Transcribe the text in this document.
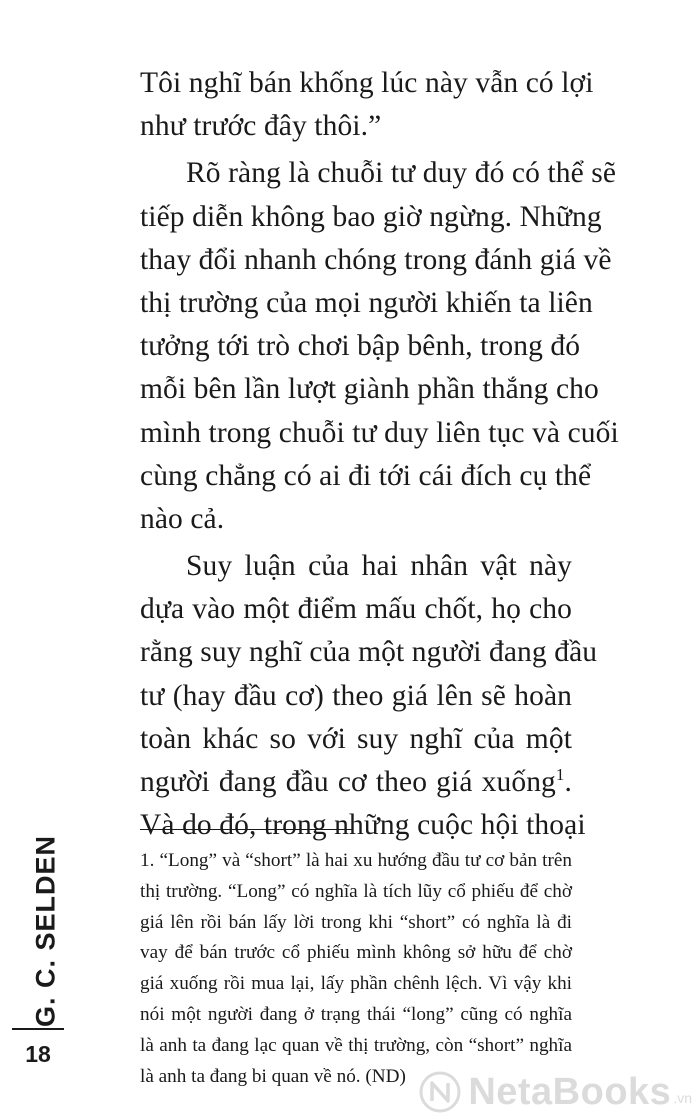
Tôi nghĩ bán khống lúc này vẫn có lợi
như trước đây thôi.”
Rõ ràng là chuỗi tư duy đó có thể sẽ
tiếp diễn không bao giờ ngừng. Những
thay đổi nhanh chóng trong đánh giá về
thị trường của mọi người khiến ta liên
tưởng tới trò chơi bập bênh, trong đó
mỗi bên lần lượt giành phần thắng cho
mình trong chuỗi tư duy liên tục và cuối
cùng chẳng có ai đi tới cái đích cụ thể
nào cả.
Suy luận của hai nhân vật này
dựa vào một điểm mấu chốt, họ cho
rằng suy nghĩ của một người đang đầu
tư (hay đầu cơ) theo giá lên sẽ hoàn
toàn khác so với suy nghĩ của một
người đang đầu cơ theo giá xuống$^1$.
Và do đó, trong những cuộc hội thoại
1. “Long” và “short” là hai xu hướng đầu tư cơ bản trên
thị trường. “Long” có nghĩa là tích lũy cổ phiếu để chờ
giá lên rồi bán lấy lời trong khi “short” có nghĩa là đi
vay để bán trước cổ phiếu mình không sở hữu để chờ
giá xuống rồi mua lại, lấy phần chênh lệch. Vì vậy khi
nói một người đang ở trạng thái “long” cũng có nghĩa
là anh ta đang lạc quan về thị trường, còn “short” nghĩa
là anh ta đang bi quan về nó. (ND)
G. C. SELDEN
18
NetaBooks .vn
